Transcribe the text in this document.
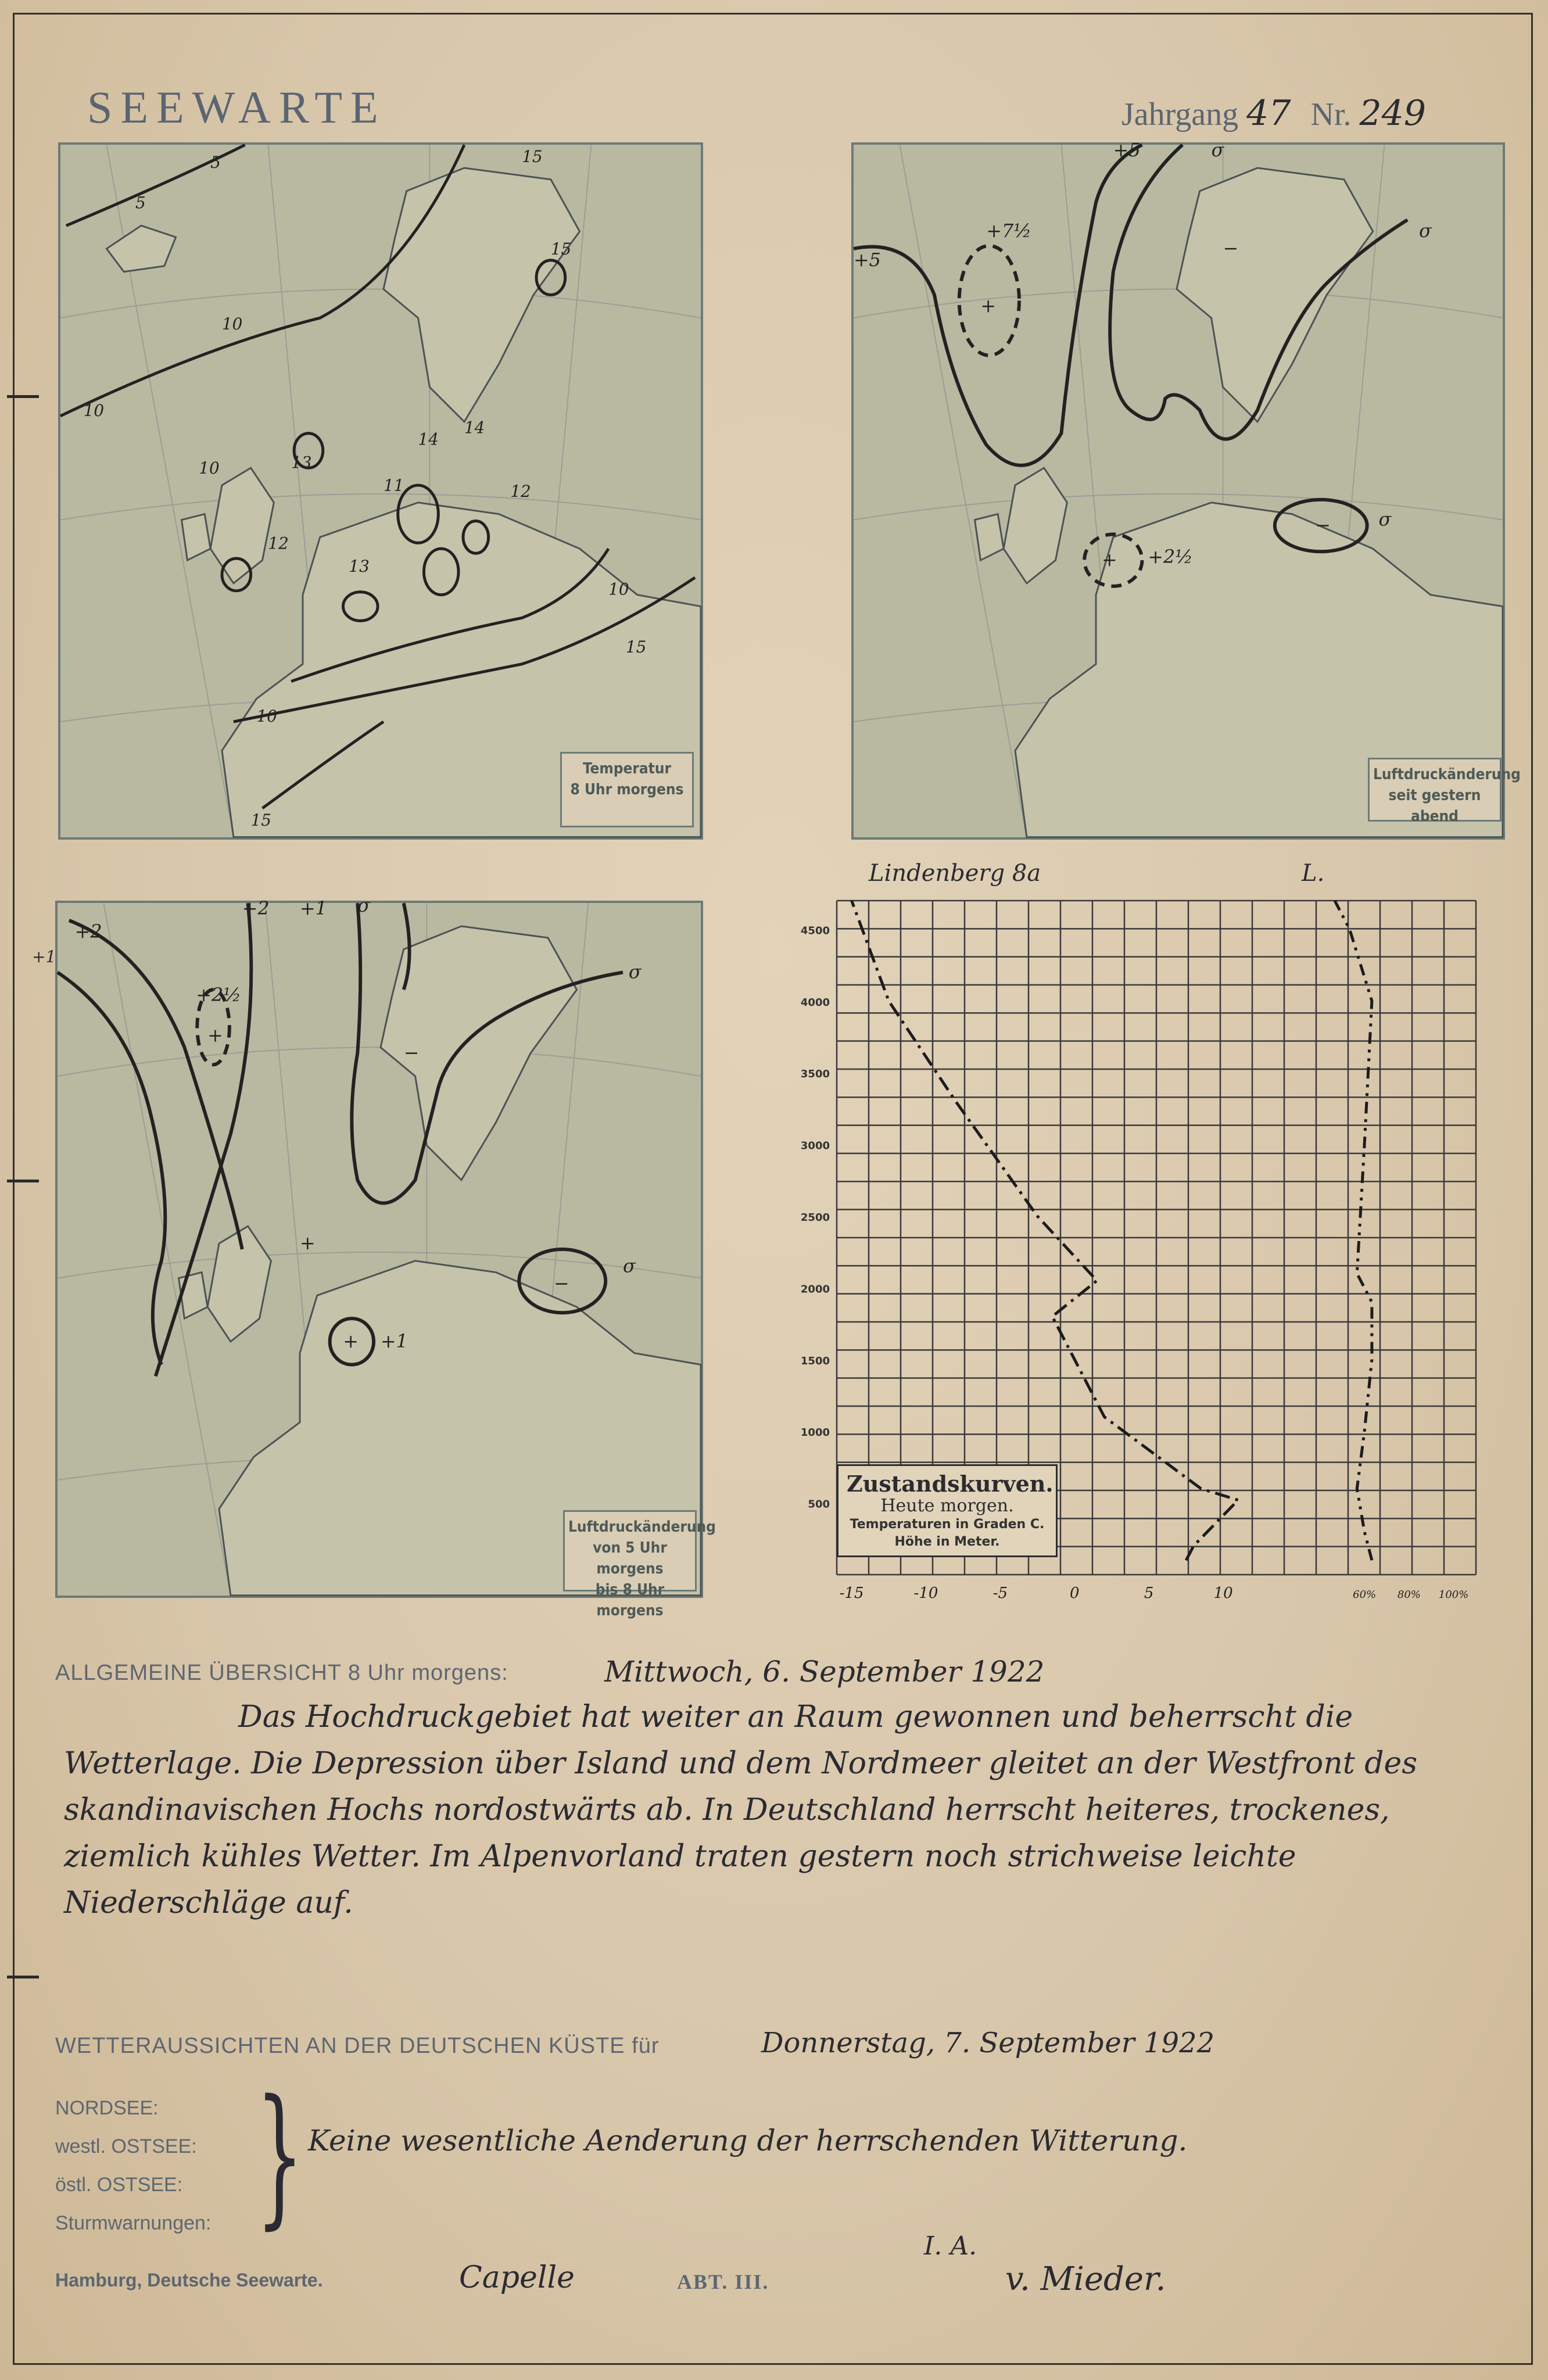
SEEWARTE	Jahrgang 47 Nr. 249
5
5
15
10
10
10
10
15
10
15
15
14
13
12
13
14
12
11
Temperatur
8 Uhr morgens
+5
+5	σ
+7½
+
−
σ
+2½
+
−	σ
Luftdruckänderung
seit gestern abend
+2
+2 +1 σ
+2½
+
−
σ
+
−
σ
+ +1
Luftdruckänderung
von 5 Uhr morgens
bis 8 Uhr morgens
+1
500
1000
1500
2000
2500
3000
3500
4000
4500
-15	-10	-5	0	5	10	60% 80% 100%
Lindenberg 8a	L.
Zustandskurven.
Heute morgen.
Temperaturen in Graden C.
Höhe in Meter.
ALLGEMEINE ÜBERSICHT 8 Uhr morgens:	Mittwoch, 6. September 1922
Das Hochdruckgebiet hat weiter an Raum gewonnen und beherrscht die Wetterlage. Die Depression über Island und dem Nordmeer gleitet an der Westfront des skandinavischen Hochs nordostwärts ab. In Deutschland herrscht heiteres, trockenes, ziemlich kühles Wetter. Im Alpenvorland traten gestern noch strichweise leichte Niederschläge auf.
WETTERAUSSICHTEN AN DER DEUTSCHEN KÜSTE für	Donnerstag, 7. September 1922
NORDSEE:
westl. OSTSEE:
östl. OSTSEE:
Sturmwarnungen: } Keine wesentliche Aenderung der herrschenden Witterung.
Hamburg, Deutsche Seewarte.	Capelle	ABT. III.
I. A.
v. Mieder.
